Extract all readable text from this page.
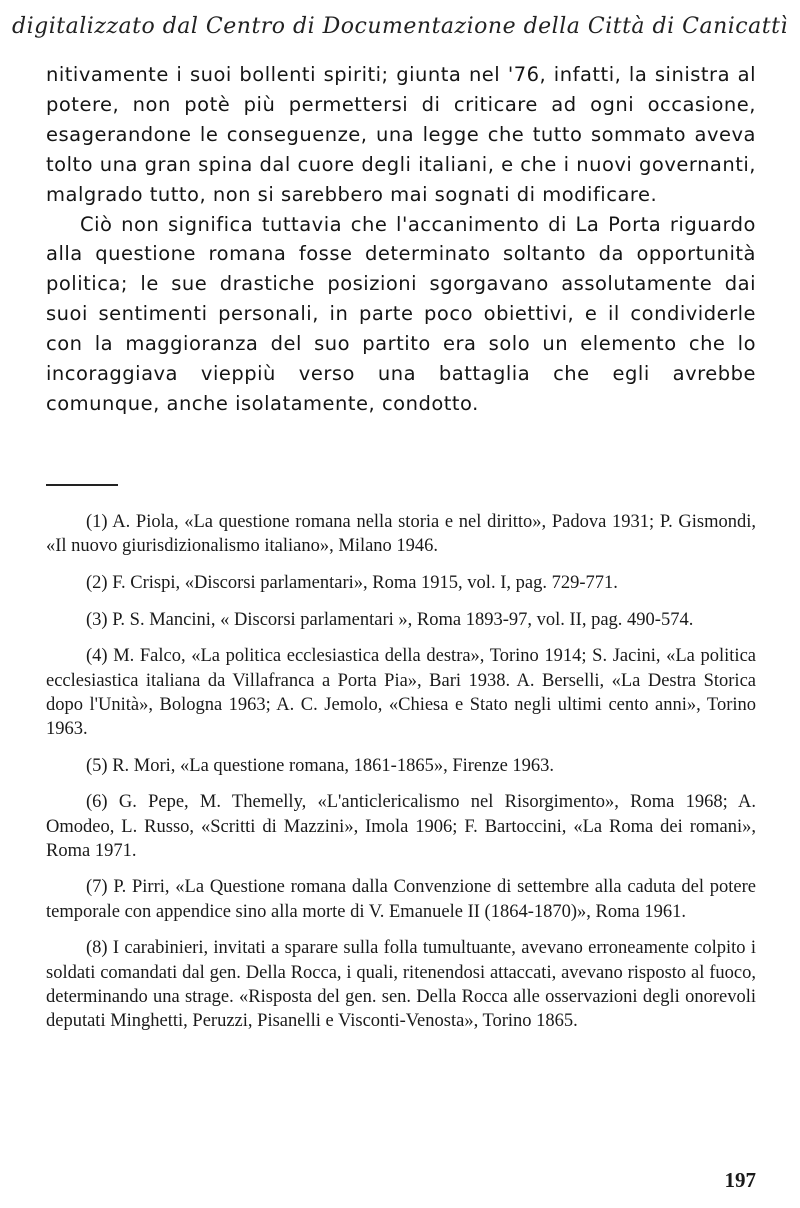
digitalizzato dal Centro di Documentazione della Città di Canicattì

nitivamente i suoi bollenti spiriti; giunta nel '76, infatti, la sinistra al potere, non potè più permettersi di criticare ad ogni occasione, esagerandone le conseguenze, una legge che tutto sommato aveva tolto una gran spina dal cuore degli italiani, e che i nuovi governanti, malgrado tutto, non si sarebbero mai sognati di modificare.

Ciò non significa tuttavia che l'accanimento di La Porta riguardo alla questione romana fosse determinato soltanto da opportunità politica; le sue drastiche posizioni sgorgavano assolutamente dai suoi sentimenti personali, in parte poco obiettivi, e il condividerle con la maggioranza del suo partito era solo un elemento che lo incoraggiava vieppiù verso una battaglia che egli avrebbe comunque, anche isolatamente, condotto.

(1) A. Piola, «La questione romana nella storia e nel diritto», Padova 1931; P. Gismondi, «Il nuovo giurisdizionalismo italiano», Milano 1946.

(2) F. Crispi, «Discorsi parlamentari», Roma 1915, vol. I, pag. 729-771.

(3) P. S. Mancini, « Discorsi parlamentari », Roma 1893-97, vol. II, pag. 490-574.

(4) M. Falco, «La politica ecclesiastica della destra», Torino 1914; S. Jacini, «La politica ecclesiastica italiana da Villafranca a Porta Pia», Bari 1938. A. Berselli, «La Destra Storica dopo l'Unità», Bologna 1963; A. C. Jemolo, «Chiesa e Stato negli ultimi cento anni», Torino 1963.

(5) R. Mori, «La questione romana, 1861-1865», Firenze 1963.

(6) G. Pepe, M. Themelly, «L'anticlericalismo nel Risorgimento», Roma 1968; A. Omodeo, L. Russo, «Scritti di Mazzini», Imola 1906; F. Bartoccini, «La Roma dei romani», Roma 1971.

(7) P. Pirri, «La Questione romana dalla Convenzione di settembre alla caduta del potere temporale con appendice sino alla morte di V. Emanuele II (1864-1870)», Roma 1961.

(8) I carabinieri, invitati a sparare sulla folla tumultuante, avevano erroneamente colpito i soldati comandati dal gen. Della Rocca, i quali, ritenendosi attaccati, avevano risposto al fuoco, determinando una strage. «Risposta del gen. sen. Della Rocca alle osservazioni degli onorevoli deputati Minghetti, Peruzzi, Pisanelli e Visconti-Venosta», Torino 1865.

197
